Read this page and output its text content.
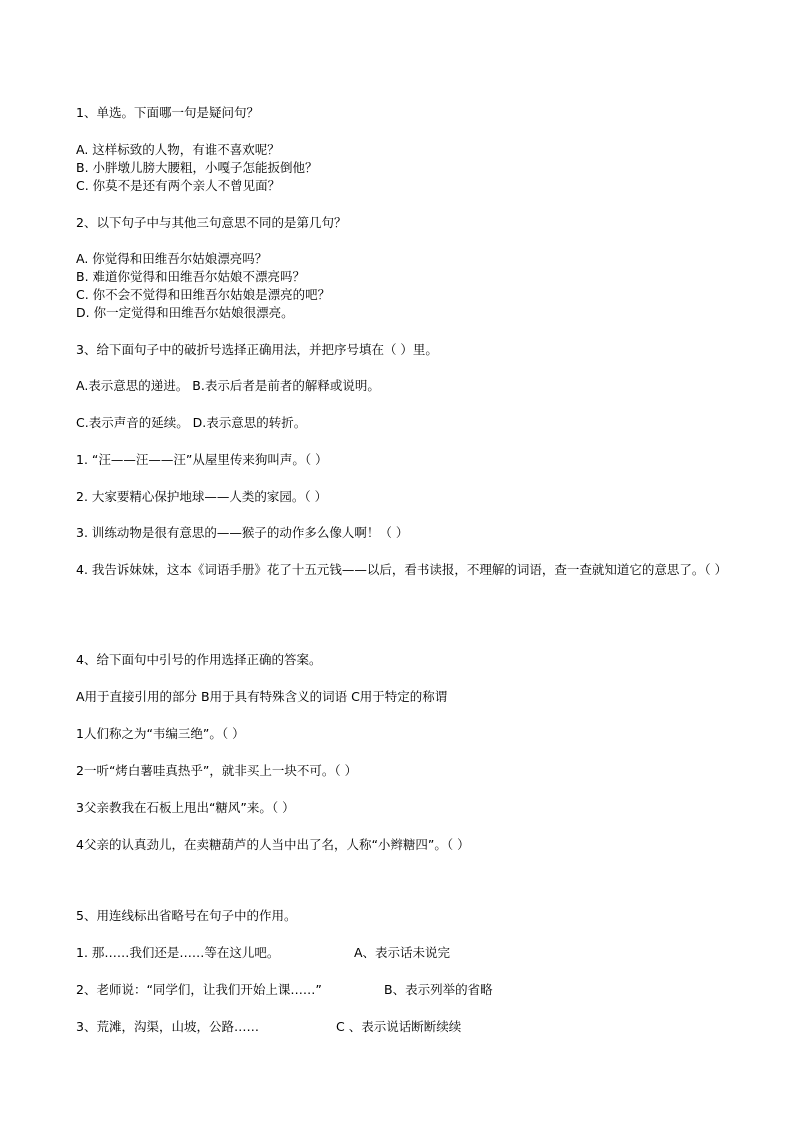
1、单选。下面哪一句是疑问句？
A. 这样标致的人物，有谁不喜欢呢？
B. 小胖墩儿膀大腰粗，小嘎子怎能扳倒他？
C. 你莫不是还有两个亲人不曾见面？
2、以下句子中与其他三句意思不同的是第几句？
A. 你觉得和田维吾尔姑娘漂亮吗？
B. 难道你觉得和田维吾尔姑娘不漂亮吗？
C. 你不会不觉得和田维吾尔姑娘是漂亮的吧？
D. 你一定觉得和田维吾尔姑娘很漂亮。
3、给下面句子中的破折号选择正确用法，并把序号填在（ ）里。
A.表示意思的递进。 B.表示后者是前者的解释或说明。
C.表示声音的延续。 D.表示意思的转折。
1. “汪——汪——汪”从屋里传来狗叫声。（ ）
2. 大家要精心保护地球——人类的家园。（ ）
3. 训练动物是很有意思的——猴子的动作多么像人啊！（ ）
4. 我告诉妹妹，这本《词语手册》花了十五元钱——以后，看书读报，不理解的词语，查一查就知道它的意思了。（ ）
4、给下面句中引号的作用选择正确的答案。
A用于直接引用的部分 B用于具有特殊含义的词语 C用于特定的称谓
1人们称之为“韦编三绝”。（ ）
2一听“烤白薯哇真热乎”，就非买上一块不可。（ ）
3父亲教我在石板上甩出“糖风”来。（ ）
4父亲的认真劲儿，在卖糖葫芦的人当中出了名，人称“小辫糖四”。（ ）
5、用连线标出省略号在句子中的作用。
1. 那……我们还是……等在这儿吧。	A、表示话未说完
2、老师说：“同学们，让我们开始上课……”	B、表示列举的省略
3、荒滩，沟渠，山坡，公路……	C 、表示说话断断续续
